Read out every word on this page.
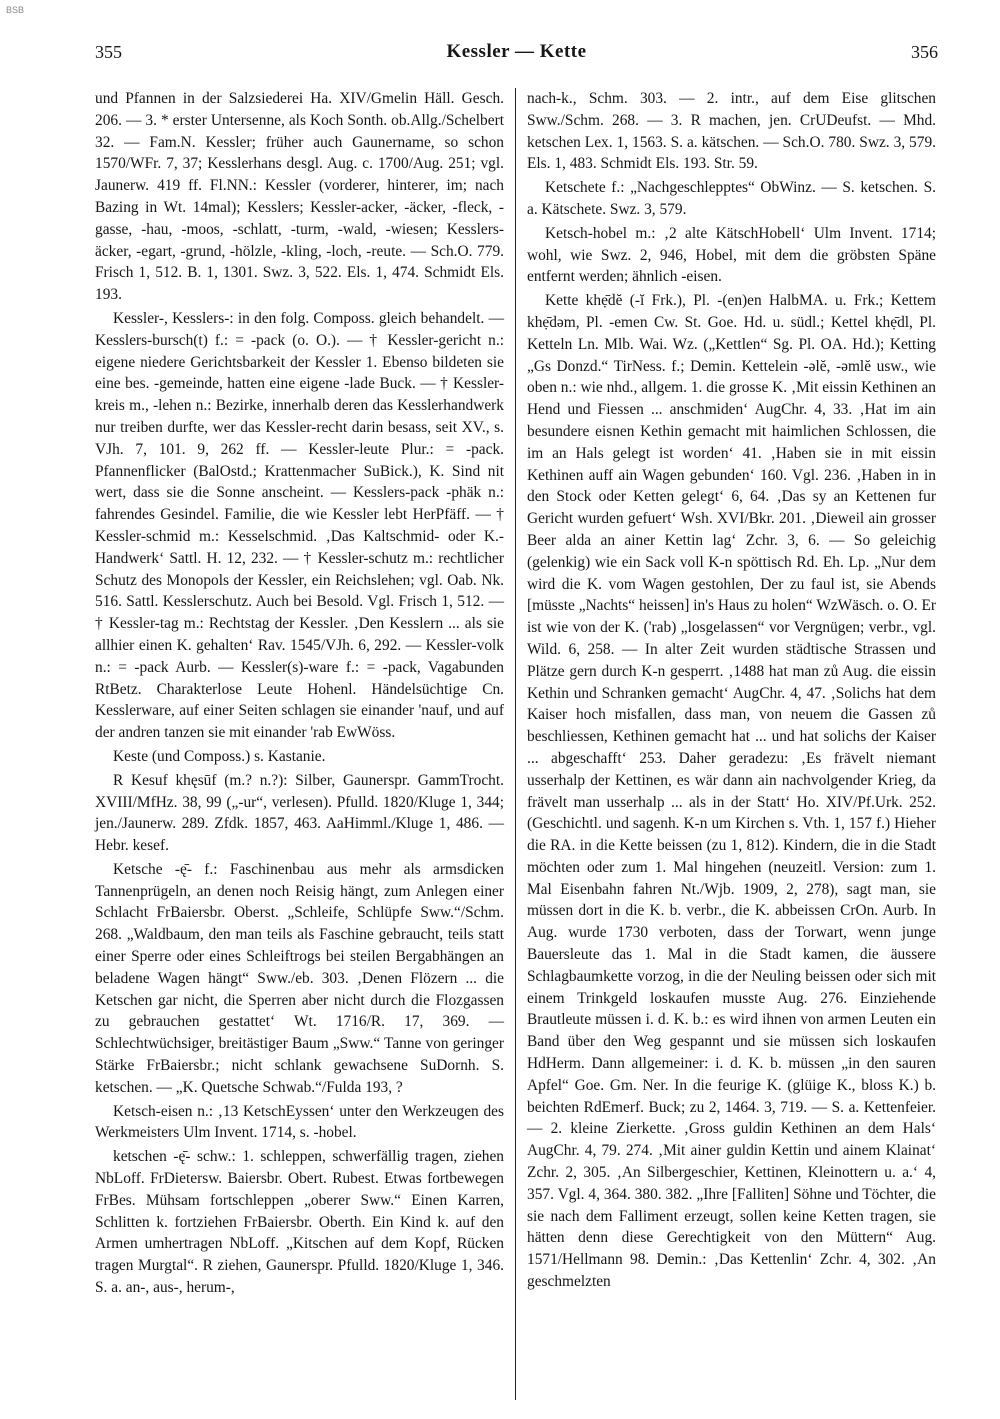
BSB
355	Kessler — Kette	356

und Pfannen in der Salzsiederei Ha. XIV/Gmelin Häll. Gesch. 206. — 3. * erster Untersenne, als Koch Sonth. ob.Allg./Schelbert 32. — Fam.N. Kessler; früher auch Gaunername, so schon 1570/WFr. 7, 37; Kesslerhans desgl. Aug. c. 1700/Aug. 251; vgl. Jaunerw. 419 ff. Fl.NN.: Kessler (vorderer, hinterer, im; nach Bazing in Wt. 14mal); Kesslers; Kessler-acker, -äcker, -fleck, -gasse, -hau, -moos, -schlatt, -turm, -wald, -wiesen; Kesslers-äcker, -egart, -grund, -hölzle, -kling, -loch, -reute. — Sch.O. 779. Frisch 1, 512. B. 1, 1301. Swz. 3, 522. Els. 1, 474. Schmidt Els. 193.

Kessler-, Kesslers-: in den folg. Composs. gleich behandelt. — Kesslers-bursch(t) f.: = -pack (o. O.). — † Kessler-gericht n.: eigene niedere Gerichtsbarkeit der Kessler 1. Ebenso bildeten sie eine bes. -gemeinde, hatten eine eigene -lade Buck. — † Kessler-kreis m., -lehen n.: Bezirke, innerhalb deren das Kesslerhandwerk nur treiben durfte, wer das Kessler-recht darin besass, seit XV., s. VJh. 7, 101. 9, 262 ff. — Kessler-leute Plur.: = -pack. Pfannenflicker (BalOstd.; Krattenmacher SuBick.), K. Sind nit wert, dass sie die Sonne anscheint. — Kesslers-pack -phäk n.: fahrendes Gesindel. Familie, die wie Kessler lebt HerPfäff. — † Kessler-schmid m.: Kesselschmid. ‚Das Kaltschmid- oder K.-Handwerk‘ Sattl. H. 12, 232. — † Kessler-schutz m.: rechtlicher Schutz des Monopols der Kessler, ein Reichslehen; vgl. Oab. Nk. 516. Sattl. Kesslerschutz. Auch bei Besold. Vgl. Frisch 1, 512. — † Kessler-tag m.: Rechtstag der Kessler. ‚Den Kesslern ... als sie allhier einen K. gehalten‘ Rav. 1545/VJh. 6, 292. — Kessler-volk n.: = -pack Aurb. — Kessler(s)-ware f.: = -pack, Vagabunden RtBetz. Charakterlose Leute Hohenl. Händelsüchtige Cn. Kesslerware, auf einer Seiten schlagen sie einander 'nauf, und auf der andren tanzen sie mit einander 'rab EwWöss.

Keste (und Composs.) s. Kastanie.

R Kesuf khęsūf (m.? n.?): Silber, Gaunerspr. GammTrocht. XVIII/MfHz. 38, 99 („-ur“, verlesen). Pfulld. 1820/Kluge 1, 344; jen./Jaunerw. 289. Zfdk. 1857, 463. AaHimml./Kluge 1, 486. — Hebr. kesef.

Ketsche -ę̄- f.: Faschinenbau aus mehr als armsdicken Tannenprügeln, an denen noch Reisig hängt, zum Anlegen einer Schlacht FrBaiersbr. Oberst. „Schleife, Schlüpfe Sww.“/Schm. 268. „Waldbaum, den man teils als Faschine gebraucht, teils statt einer Sperre oder eines Schleiftrogs bei steilen Bergabhängen an beladene Wagen hängt“ Sww./eb. 303. ‚Denen Flözern ... die Ketschen gar nicht, die Sperren aber nicht durch die Flozgassen zu gebrauchen gestattet‘ Wt. 1716/R. 17, 369. — Schlechtwüchsiger, breitästiger Baum „Sww.“ Tanne von geringer Stärke FrBaiersbr.; nicht schlank gewachsene SuDornh. S. ketschen. — „K. Quetsche Schwab.“/Fulda 193, ?

Ketsch-eisen n.: ‚13 KetschEyssen‘ unter den Werkzeugen des Werkmeisters Ulm Invent. 1714, s. -hobel.

ketschen -ę̄- schw.: 1. schleppen, schwerfällig tragen, ziehen NbLoff. FrDietersw. Baiersbr. Obert. Rubest. Etwas fortbewegen FrBes. Mühsam fortschleppen „oberer Sww.“ Einen Karren, Schlitten k. fortziehen FrBaiersbr. Oberth. Ein Kind k. auf den Armen umhertragen NbLoff. „Kitschen auf dem Kopf, Rücken tragen Murgtal“. R ziehen, Gaunerspr. Pfulld. 1820/Kluge 1, 346. S. a. an-, aus-, herum-,

nach-k., Schm. 303. — 2. intr., auf dem Eise glitschen Sww./Schm. 268. — 3. R machen, jen. CrUDeufst. — Mhd. ketschen Lex. 1, 1563. S. a. kätschen. — Sch.O. 780. Swz. 3, 579. Els. 1, 483. Schmidt Els. 193. Str. 59.

Ketschete f.: „Nachgeschlepptes“ ObWinz. — S. ketschen. S. a. Kätschete. Swz. 3, 579.

Ketsch-hobel m.: ‚2 alte KätschHobell‘ Ulm Invent. 1714; wohl, wie Swz. 2, 946, Hobel, mit dem die gröbsten Späne entfernt werden; ähnlich -eisen.

Kette khẹ̄dĕ (-ĭ Frk.), Pl. -(en)en HalbMA. u. Frk.; Kettem khẹ̄dəm, Pl. -emen Cw. St. Goe. Hd. u. südl.; Kettel khẹ̄dl, Pl. Ketteln Ln. Mlb. Wai. Wz. („Kettlen“ Sg. Pl. OA. Hd.); Ketting „Gs Donzd.“ TirNess. f.; Demin. Kettelein -əlĕ, -əmlĕ usw., wie oben n.: wie nhd., allgem. 1. die grosse K. ‚Mit eissin Kethinen an Hend und Fiessen ... anschmiden‘ AugChr. 4, 33. ‚Hat im ain besundere eisnen Kethin gemacht mit haimlichen Schlossen, die im an Hals gelegt ist worden‘ 41. ‚Haben sie in mit eissin Kethinen auff ain Wagen gebunden‘ 160. Vgl. 236. ‚Haben in in den Stock oder Ketten gelegt‘ 6, 64. ‚Das sy an Kettenen fur Gericht wurden gefuert‘ Wsh. XVI/Bkr. 201. ‚Dieweil ain grosser Beer alda an ainer Kettin lag‘ Zchr. 3, 6. — So geleichig (gelenkig) wie ein Sack voll K-n spöttisch Rd. Eh. Lp. „Nur dem wird die K. vom Wagen gestohlen, Der zu faul ist, sie Abends [müsste „Nachts“ heissen] in's Haus zu holen“ WzWäsch. o. O. Er ist wie von der K. ('rab) „losgelassen“ vor Vergnügen; verbr., vgl. Wild. 6, 258. — In alter Zeit wurden städtische Strassen und Plätze gern durch K-n gesperrt. ‚1488 hat man zů Aug. die eissin Kethin und Schranken gemacht‘ AugChr. 4, 47. ‚Solichs hat dem Kaiser hoch misfallen, dass man, von neuem die Gassen zů beschliessen, Kethinen gemacht hat ... und hat solichs der Kaiser ... abgeschafft‘ 253. Daher geradezu: ‚Es frävelt niemant usserhalp der Kettinen, es wär dann ain nachvolgender Krieg, da frävelt man usserhalp ... als in der Statt‘ Ho. XIV/Pf.Urk. 252. (Geschichtl. und sagenh. K-n um Kirchen s. Vth. 1, 157 f.) Hieher die RA. in die Kette beissen (zu 1, 812). Kindern, die in die Stadt möchten oder zum 1. Mal hingehen (neuzeitl. Version: zum 1. Mal Eisenbahn fahren Nt./Wjb. 1909, 2, 278), sagt man, sie müssen dort in die K. b. verbr., die K. abbeissen CrOn. Aurb. In Aug. wurde 1730 verboten, dass der Torwart, wenn junge Bauersleute das 1. Mal in die Stadt kamen, die äussere Schlagbaumkette vorzog, in die der Neuling beissen oder sich mit einem Trinkgeld loskaufen musste Aug. 276. Einziehende Brautleute müssen i. d. K. b.: es wird ihnen von armen Leuten ein Band über den Weg gespannt und sie müssen sich loskaufen HdHerm. Dann allgemeiner: i. d. K. b. müssen „in den sauren Apfel“ Goe. Gm. Ner. In die feurige K. (glüige K., bloss K.) b. beichten RdEmerf. Buck; zu 2, 1464. 3, 719. — S. a. Kettenfeier. — 2. kleine Zierkette. ‚Gross guldin Kethinen an dem Hals‘ AugChr. 4, 79. 274. ‚Mit ainer guldin Kettin und ainem Klainat‘ Zchr. 2, 305. ‚An Silbergeschier, Kettinen, Kleinottern u. a.‘ 4, 357. Vgl. 4, 364. 380. 382. „Ihre [Falliten] Söhne und Töchter, die sie nach dem Falliment erzeugt, sollen keine Ketten tragen, sie hätten denn diese Gerechtigkeit von den Müttern“ Aug. 1571/Hellmann 98. Demin.: ‚Das Kettenlin‘ Zchr. 4, 302. ‚An geschmelzten
